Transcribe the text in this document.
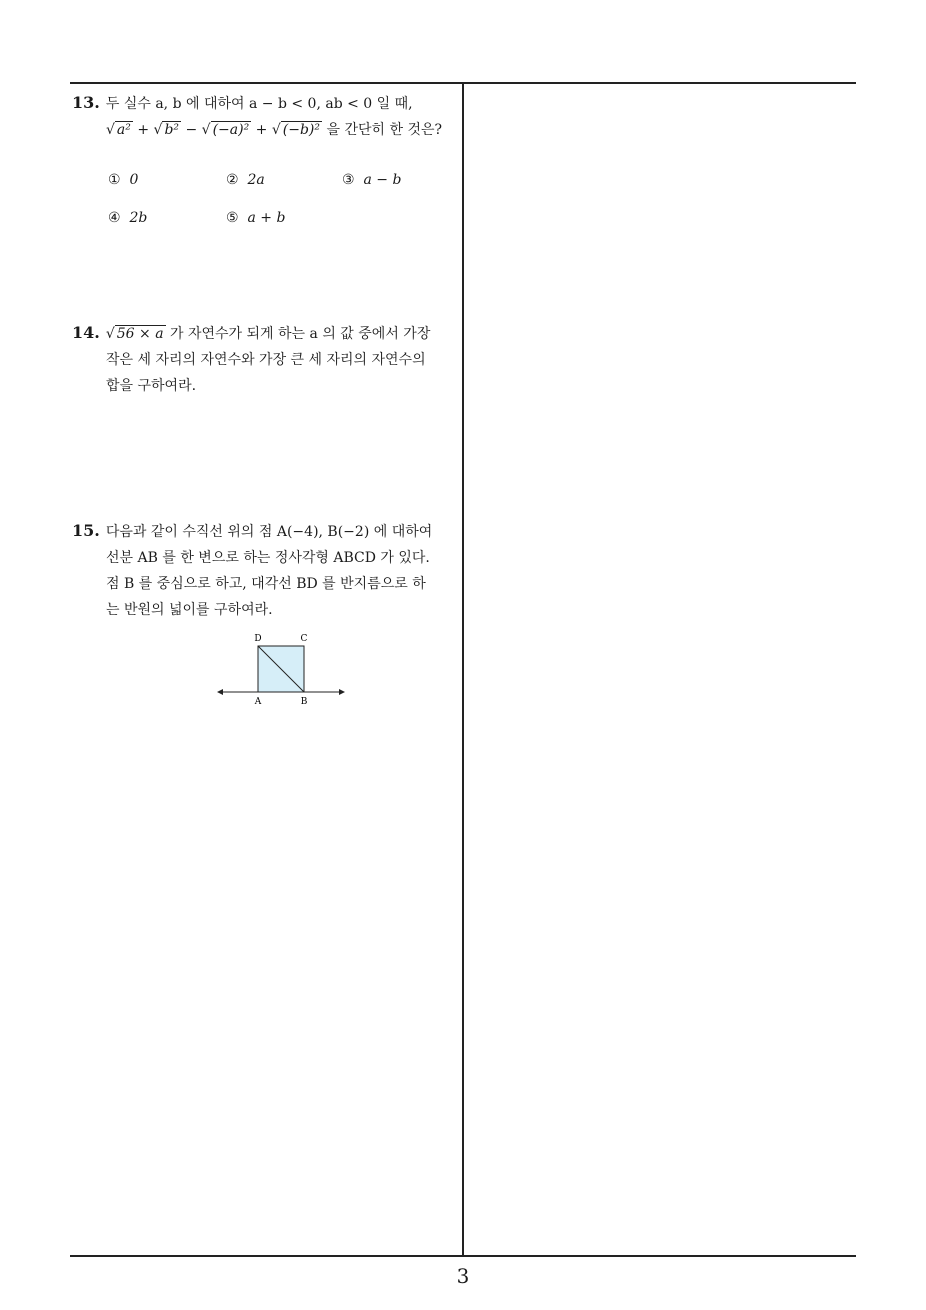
13. 두 실수 a, b 에 대하여 a − b < 0, ab < 0 일 때,
√ a² + √ b² − √ (−a)² + √ (−b)² 을 간단히 한 것은?
① 0	② 2a	③ a − b
④ 2b	⑤ a + b
14. √ 56 × a 가 자연수가 되게 하는 a 의 값 중에서 가장
작은 세 자리의 자연수와 가장 큰 세 자리의 자연수의
합을 구하여라.
15. 다음과 같이 수직선 위의 점 A(−4), B(−2) 에 대하여
선분 AB 를 한 변으로 하는 정사각형 ABCD 가 있다.
점 B 를 중심으로 하고, 대각선 BD 를 반지름으로 하
는 반원의 넓이를 구하여라.
D	C
A	B
3
